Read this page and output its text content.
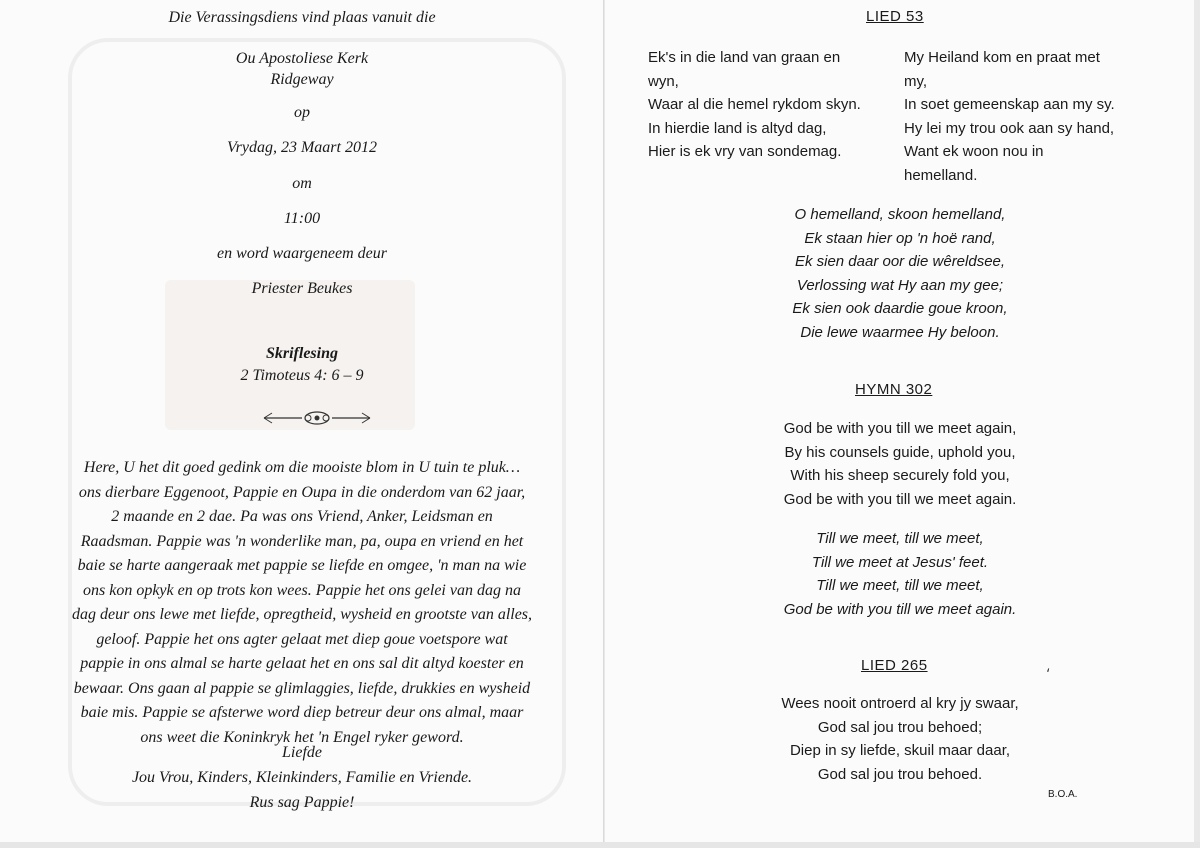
Die Verassingsdiens vind plaas vanuit die
Ou Apostoliese Kerk
Ridgeway
op
Vrydag, 23 Maart 2012
om
11:00
en word waargeneem deur
Priester Beukes
Skriflesing
2 Timoteus 4: 6 – 9
Here, U het dit goed gedink om die mooiste blom in U tuin te pluk…
ons dierbare Eggenoot, Pappie en Oupa in die onderdom van 62 jaar,
2 maande en 2 dae. Pa was ons Vriend, Anker, Leidsman en
Raadsman. Pappie was 'n wonderlike man, pa, oupa en vriend en het
baie se harte aangeraak met pappie se liefde en omgee, 'n man na wie
ons kon opkyk en op trots kon wees. Pappie het ons gelei van dag na
dag deur ons lewe met liefde, opregtheid, wysheid en grootste van alles,
geloof. Pappie het ons agter gelaat met diep goue voetspore wat
pappie in ons almal se harte gelaat het en ons sal dit altyd koester en
bewaar. Ons gaan al pappie se glimlaggies, liefde, drukkies en wysheid
baie mis. Pappie se afsterwe word diep betreur deur ons almal, maar
ons weet die Koninkryk het 'n Engel ryker geword.
Liefde
Jou Vrou, Kinders, Kleinkinders, Familie en Vriende.
Rus sag Pappie!
LIED 53
Ek's in die land van graan en
wyn,
Waar al die hemel rykdom skyn.
In hierdie land is altyd dag,
Hier is ek vry van sondemag.
My Heiland kom en praat met
my,
In soet gemeenskap aan my sy.
Hy lei my trou ook aan sy hand,
Want ek woon nou in
hemelland.
O hemelland, skoon hemelland,
Ek staan hier op 'n hoë rand,
Ek sien daar oor die wêreldsee,
Verlossing wat Hy aan my gee;
Ek sien ook daardie goue kroon,
Die lewe waarmee Hy beloon.
HYMN 302
God be with you till we meet again,
By his counsels guide, uphold you,
With his sheep securely fold you,
God be with you till we meet again.
Till we meet, till we meet,
Till we meet at Jesus' feet.
Till we meet, till we meet,
God be with you till we meet again.
LIED 265
Wees nooit ontroerd al kry jy swaar,
God sal jou trou behoed;
Diep in sy liefde, skuil maar daar,
God sal jou trou behoed.
B.O.A.
⸲
